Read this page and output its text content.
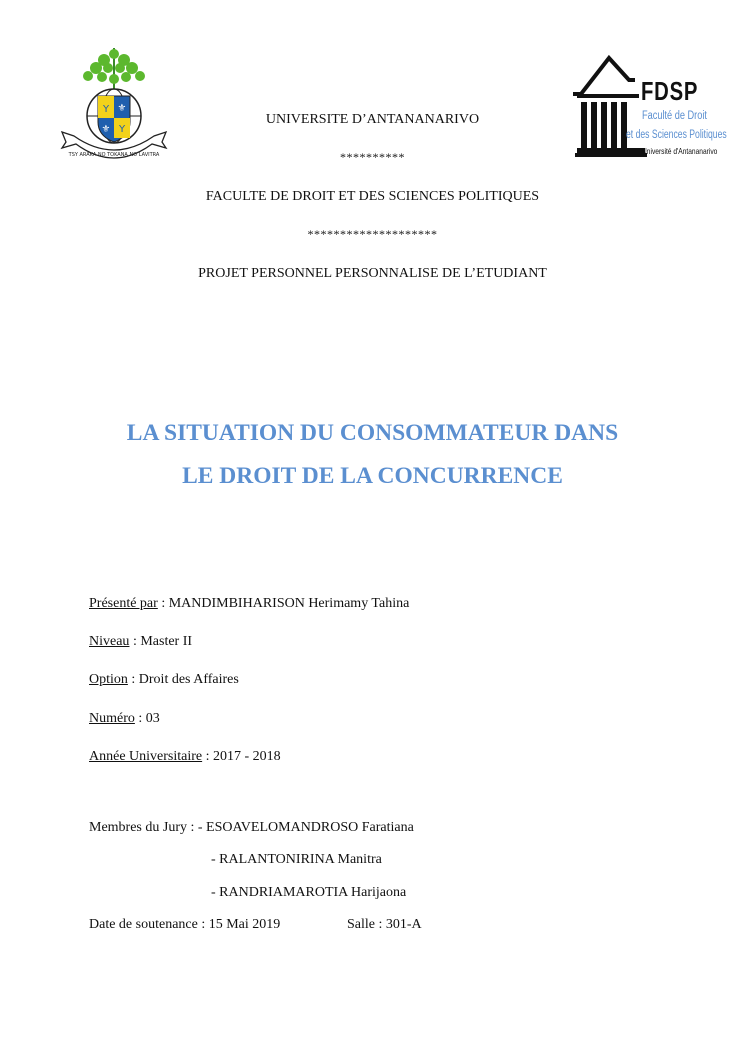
Y
Y
⚜
⚜
TSY ARAKA NO TOKANA NO LAVITRA
FDSP
Faculté de Droit
et des Sciences Politiques
Université d'Antananarivo
UNIVERSITE D’ANTANANARIVO
**********
FACULTE DE DROIT ET DES SCIENCES POLITIQUES
********************
PROJET PERSONNEL PERSONNALISE DE L’ETUDIANT
LA SITUATION DU CONSOMMATEUR DANS
LE DROIT DE LA CONCURRENCE
Présenté par : MANDIMBIHARISON Herimamy Tahina
Niveau : Master II
Option : Droit des Affaires
Numéro : 03
Année Universitaire : 2017 - 2018
Membres du Jury : - ESOAVELOMANDROSO Faratiana
- RALANTONIRINA Manitra
- RANDRIAMAROTIA Harijaona
Date de soutenance : 15 Mai 2019	Salle : 301-A
